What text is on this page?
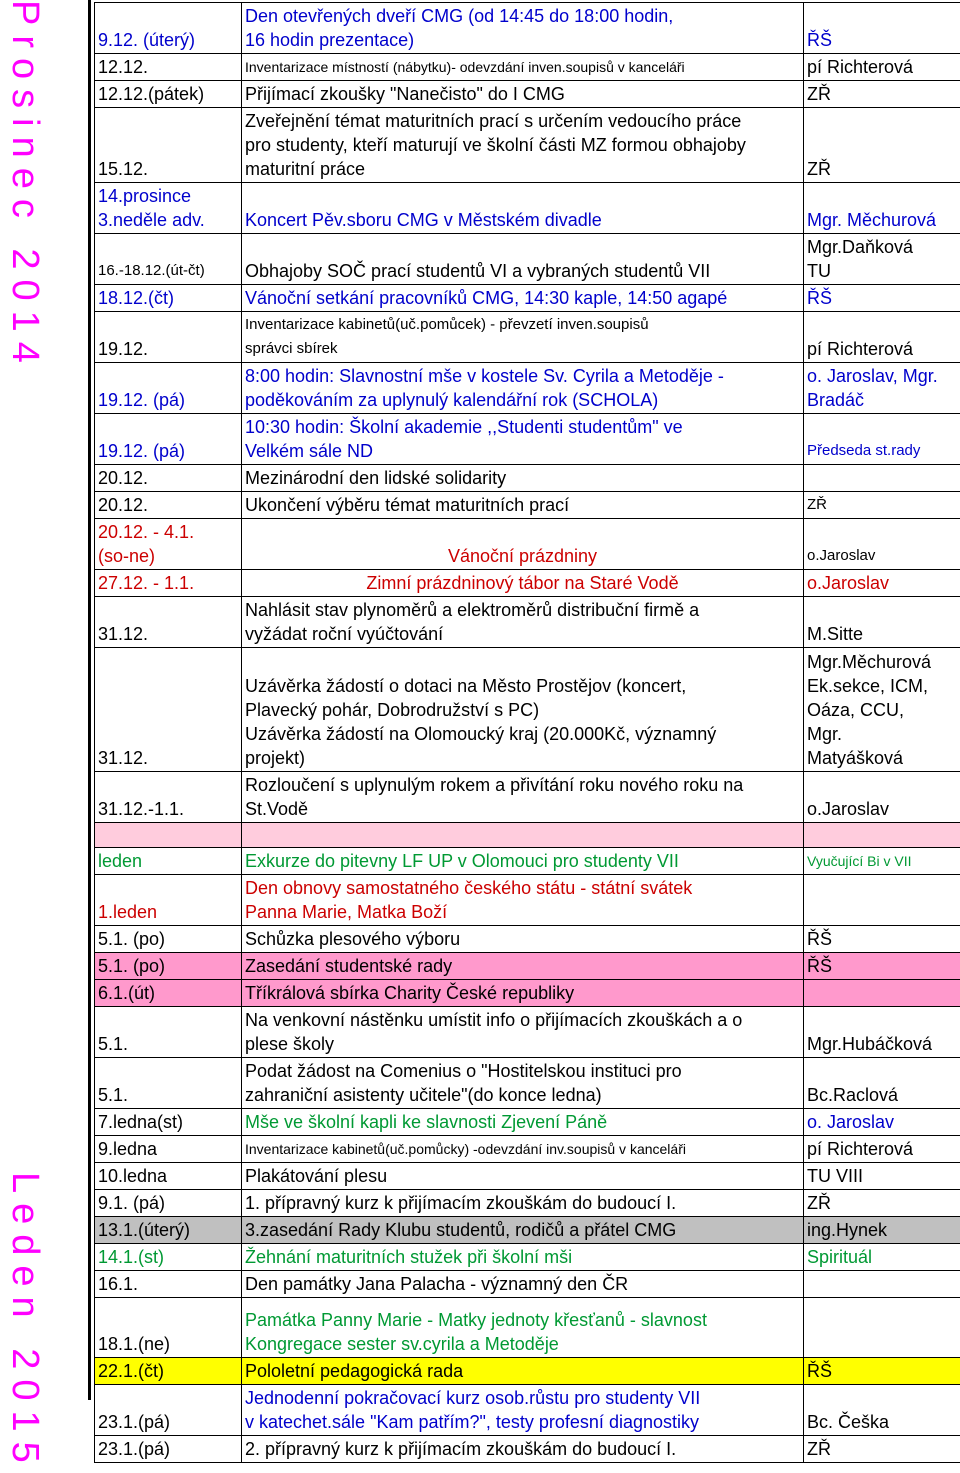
Prosinec 2014
Leden 2015
9.12. (úterý)	Den otevřených dveří CMG (od 14:45 do 18:00 hodin,
16 hodin prezentace)	ŘŠ
12.12.	Inventarizace místností (nábytku)- odevzdání inven.soupisů v kanceláři	pí Richterová
12.12.(pátek)	Přijímací zkoušky "Nanečisto" do I CMG	ZŘ
15.12.	Zveřejnění témat maturitních prací s určením vedoucího práce
pro studenty, kteří maturují ve školní části MZ formou obhajoby
maturitní práce	ZŘ
14.prosince
3.neděle adv.	Koncert Pěv.sboru CMG v Městském divadle	Mgr. Měchurová
16.-18.12.(út-čt)	Obhajoby SOČ prací studentů VI a vybraných studentů VII	Mgr.Daňková
TU
18.12.(čt)	Vánoční setkání pracovníků CMG, 14:30 kaple, 14:50 agapé	ŘŠ
19.12.	Inventarizace kabinetů(uč.pomůcek) - převzetí inven.soupisů
správci sbírek	pí Richterová
19.12. (pá)	8:00 hodin: Slavnostní mše v kostele Sv. Cyrila a Metoděje -
poděkováním za uplynulý kalendářní rok (SCHOLA)	o. Jaroslav, Mgr.
Bradáč
19.12. (pá)	10:30 hodin: Školní akademie ,,Studenti studentům" ve
Velkém sále ND	Předseda st.rady
20.12.	Mezinárodní den lidské solidarity	
20.12.	Ukončení výběru témat maturitních prací	ZŘ
20.12. - 4.1.
(so-ne)	Vánoční prázdniny	o.Jaroslav
27.12. - 1.1.	Zimní prázdninový tábor na Staré Vodě	o.Jaroslav
31.12.	Nahlásit stav plynoměrů a elektroměrů distribuční firmě a
vyžádat roční vyúčtování	M.Sitte
31.12.	Uzávěrka žádostí o dotaci na Město Prostějov (koncert,
Plavecký pohár, Dobrodružství s PC)
Uzávěrka žádostí na Olomoucký kraj (20.000Kč, významný
projekt)	Mgr.Měchurová
Ek.sekce, ICM,
Oáza, CCU,
Mgr.
Matyášková
31.12.-1.1.	Rozloučení s uplynulým rokem a přivítání roku nového roku na
St.Vodě	o.Jaroslav

leden	Exkurze do pitevny LF UP v Olomouci pro studenty VII	Vyučující Bi v VII
1.leden	Den obnovy samostatného českého státu - státní svátek
Panna Marie, Matka Boží	
5.1. (po)	Schůzka plesového výboru	ŘŠ
5.1. (po)	Zasedání studentské rady	ŘŠ
6.1.(út)	Tříkrálová sbírka Charity České republiky	
5.1.	Na venkovní nástěnku umístit info o přijímacích zkouškách a o
plese školy	Mgr.Hubáčková
5.1.	Podat žádost na Comenius o "Hostitelskou instituci pro
zahraniční asistenty učitele"(do konce ledna)	Bc.Raclová
7.ledna(st)	Mše ve školní kapli ke slavnosti Zjevení Páně	o. Jaroslav
9.ledna	Inventarizace kabinetů(uč.pomůcky) -odevzdání inv.soupisů v kanceláři	pí Richterová
10.ledna	Plakátování plesu	TU VIII
9.1. (pá)	1. přípravný kurz k přijímacím zkouškám do budoucí I.	ZŘ
13.1.(úterý)	3.zasedání Rady Klubu studentů, rodičů a přátel CMG	ing.Hynek
14.1.(st)	Žehnání maturitních stužek při školní mši	Spirituál
16.1.	Den památky Jana Palacha - významný den ČR	
18.1.(ne)	Památka Panny Marie - Matky jednoty křesťanů - slavnost
Kongregace sester sv.cyrila a Metoděje	
22.1.(čt)	Pololetní pedagogická rada	ŘŠ
23.1.(pá)	Jednodenní pokračovací kurz osob.růstu pro studenty VII
v katechet.sále "Kam patřím?", testy profesní diagnostiky	Bc. Češka
23.1.(pá)	2. přípravný kurz k přijímacím zkouškám do budoucí I.	ZŘ
